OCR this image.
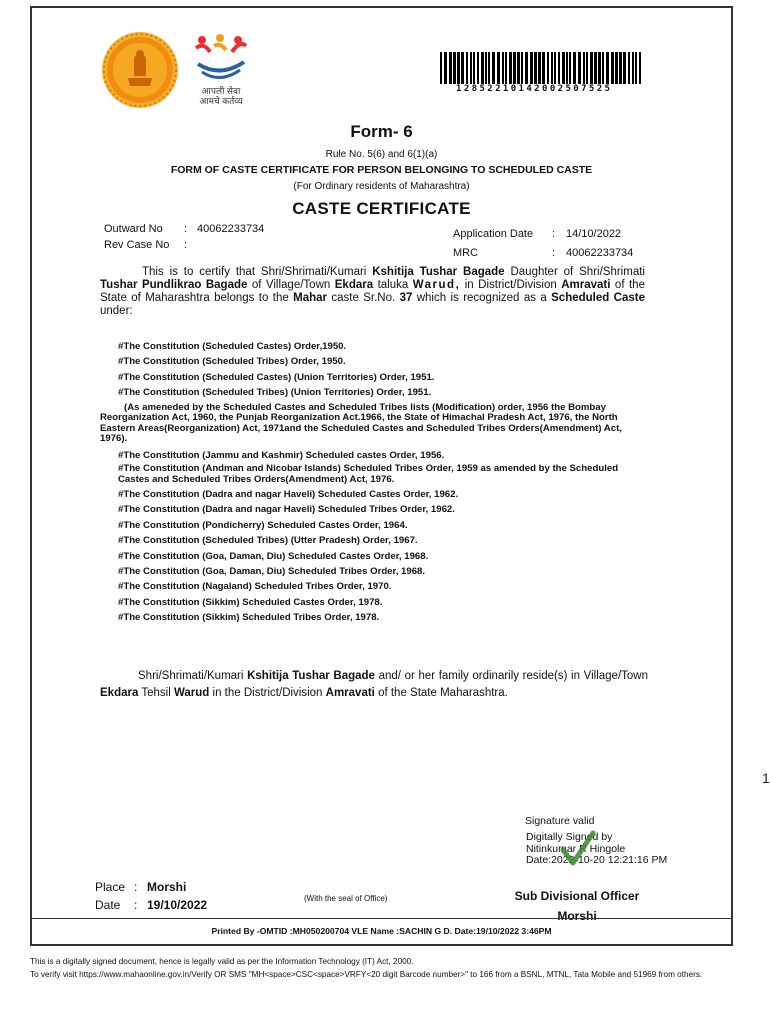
आपली सेवा
आमचे कर्तव्य
12852210142002507525
Form- 6
Rule No. 5(6) and 6(1)(a)
FORM OF CASTE CERTIFICATE FOR PERSON BELONGING TO SCHEDULED CASTE
(For Ordinary residents of Maharashtra)
CASTE CERTIFICATE
Outward No : 40062233734
Rev Case No :
Application Date : 14/10/2022
MRC	: 40062233734
This is to certify that Shri/Shrimati/Kumari Kshitija Tushar Bagade Daughter of Shri/Shrimati Tushar Pundlikrao Bagade of Village/Town Ekdara taluka Warud, in District/Division Amravati of the State of Maharashtra belongs to the Mahar caste Sr.No. 37 which is recognized as a Scheduled Caste under:
#The Constitution (Scheduled Castes) Order,1950.
#The Constitution (Scheduled Tribes) Order, 1950.
#The Constitution (Scheduled Castes) (Union Territories) Order, 1951.
#The Constitution (Scheduled Tribes) (Union Territories) Order, 1951.
(As ameneded by the Scheduled Castes and Scheduled Tribes lists (Modification) order, 1956 the Bombay Reorganization Act, 1960, the Punjab Reorganization Act.1966, the State of Himachal Pradesh Act, 1976, the North Eastern Areas(Reorganization) Act, 1971and the Scheduled Castes and Scheduled Tribes Orders(Amendment) Act, 1976).
#The Constitution (Jammu and Kashmir) Scheduled castes Order, 1956.
#The Constitution (Andman and Nicobar Islands) Scheduled Tribes Order, 1959 as amended by the Scheduled Castes and Scheduled Tribes Orders(Amendment) Act, 1976.
#The Constitution (Dadra and nagar Haveli) Scheduled Castes Order, 1962.
#The Constitution (Dadra and nagar Haveli) Scheduled Tribes Order, 1962.
#The Constitution (Pondicherry) Scheduled Castes Order, 1964.
#The Constitution (Scheduled Tribes) (Utter Pradesh) Order, 1967.
#The Constitution (Goa, Daman, Diu) Scheduled Castes Order, 1968.
#The Constitution (Goa, Daman, Diu) Scheduled Tribes Order, 1968.
#The Constitution (Nagaland) Scheduled Tribes Order, 1970.
#The Constitution (Sikkim) Scheduled Castes Order, 1978.
#The Constitution (Sikkim) Scheduled Tribes Order, 1978.
Shri/Shrimati/Kumari Kshitija Tushar Bagade and/ or her family ordinarily reside(s) in Village/Town Ekdara Tehsil Warud in the District/Division Amravati of the State Maharashtra.
Signature valid
Digitally Signed by
Nitinkumar R Hingole
Date:2022-10-20 12:21:16 PM
Place : Morshi
Date : 19/10/2022	(With the seal of Office)	Sub Divisional Officer
Morshi
Printed By -OMTID :MH050200704 VLE Name :SACHIN G D. Date:19/10/2022 3:46PM
This is a digitally signed document, hence is legally valid as per the Information Technology (IT) Act, 2000.
To verify visit https://www.mahaonline.gov.in/Verify OR SMS "MH<space>CSC<space>VRFY<20 digit Barcode number>" to 166 from a BSNL, MTNL, Tata Mobile and 51969 from others.
1
